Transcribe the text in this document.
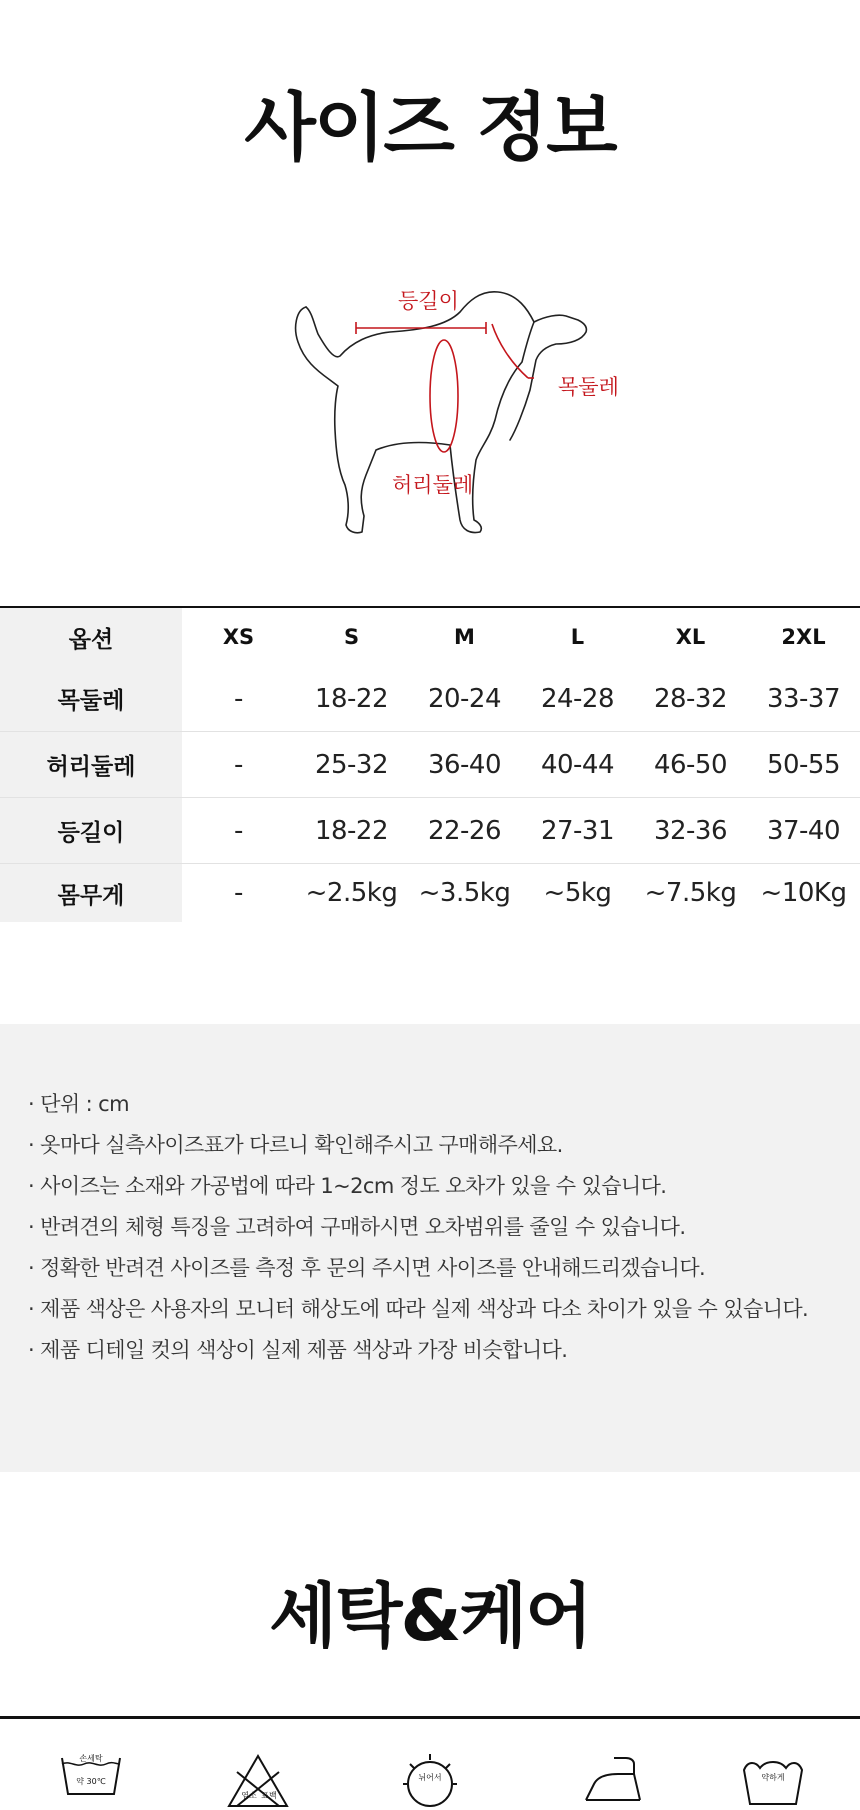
사이즈 정보
등길이
목둘레
허리둘레
옵션	XS	S	M	L	XL	2XL
목둘레	-	18-22	20-24	24-28	28-32	33-37
허리둘레	-	25-32	36-40	40-44	46-50	50-55
등길이	-	18-22	22-26	27-31	32-36	37-40
몸무게	-	~2.5kg	~3.5kg	~5kg	~7.5kg	~10Kg
· 단위 : cm
· 옷마다 실측사이즈표가 다르니 확인해주시고 구매해주세요.
· 사이즈는 소재와 가공법에 따라 1~2cm 정도 오차가 있을 수 있습니다.
· 반려견의 체형 특징을 고려하여 구매하시면 오차범위를 줄일 수 있습니다.
· 정확한 반려견 사이즈를 측정 후 문의 주시면 사이즈를 안내해드리겠습니다.
· 제품 색상은 사용자의 모니터 해상도에 따라 실제 색상과 다소 차이가 있을 수 있습니다.
· 제품 디테일 컷의 색상이 실제 제품 색상과 가장 비슷합니다.
세탁&케어
손세탁
약 30℃
염소 표백
뉘어서	약하게
